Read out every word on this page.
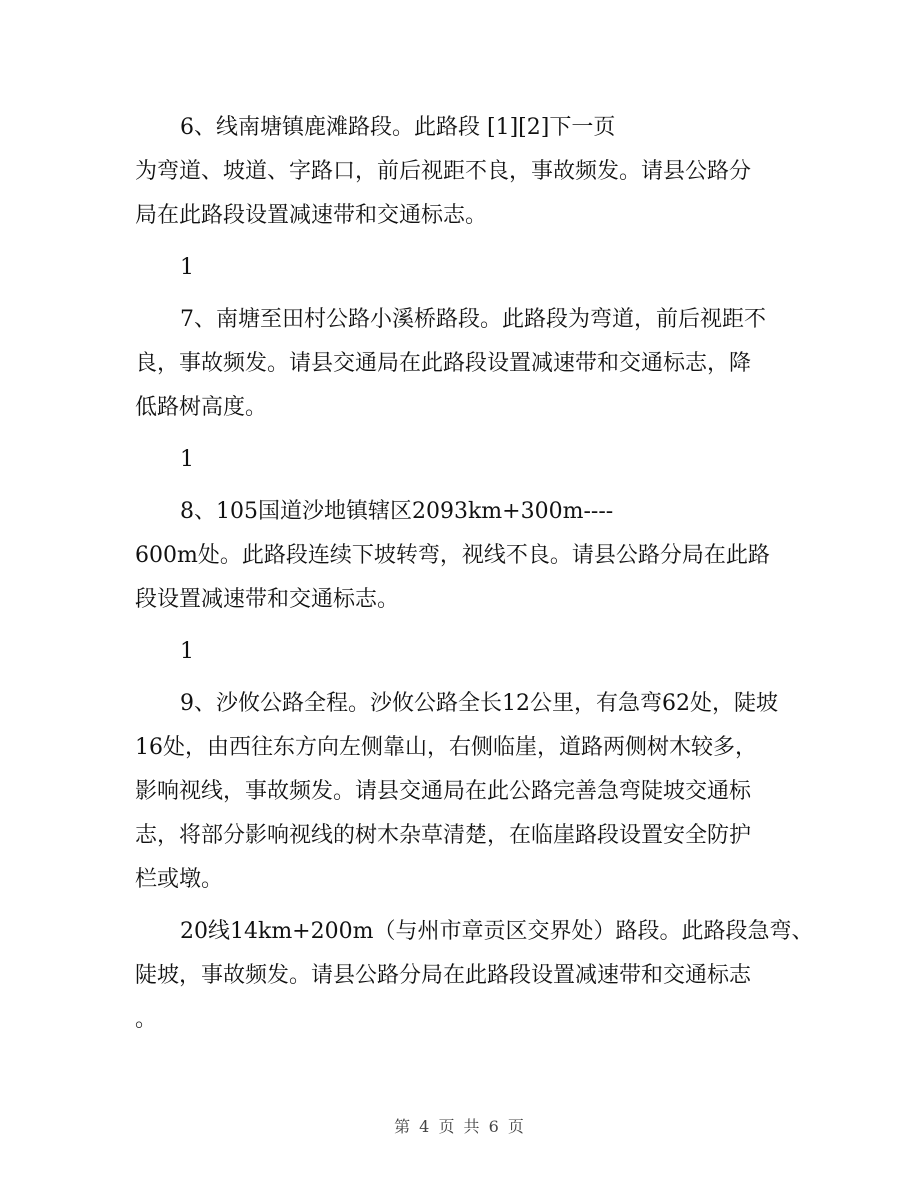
6、线南塘镇鹿滩路段。此路段 [1][2]下一页
为弯道、坡道、字路口，前后视距不良，事故频发。请县公路分
局在此路段设置减速带和交通标志。
1
7、南塘至田村公路小溪桥路段。此路段为弯道，前后视距不
良，事故频发。请县交通局在此路段设置减速带和交通标志，降
低路树高度。
1
8、105国道沙地镇辖区2093km+300m----
600m处。此路段连续下坡转弯，视线不良。请县公路分局在此路
段设置减速带和交通标志。
1
9、沙攸公路全程。沙攸公路全长12公里，有急弯62处，陡坡
16处，由西往东方向左侧靠山，右侧临崖，道路两侧树木较多，
影响视线，事故频发。请县交通局在此公路完善急弯陡坡交通标
志，将部分影响视线的树木杂草清楚，在临崖路段设置安全防护
栏或墩。
20线14km+200m（与州市章贡区交界处）路段。此路段急弯、
陡坡，事故频发。请县公路分局在此路段设置减速带和交通标志
。
第 4 页 共 6 页
